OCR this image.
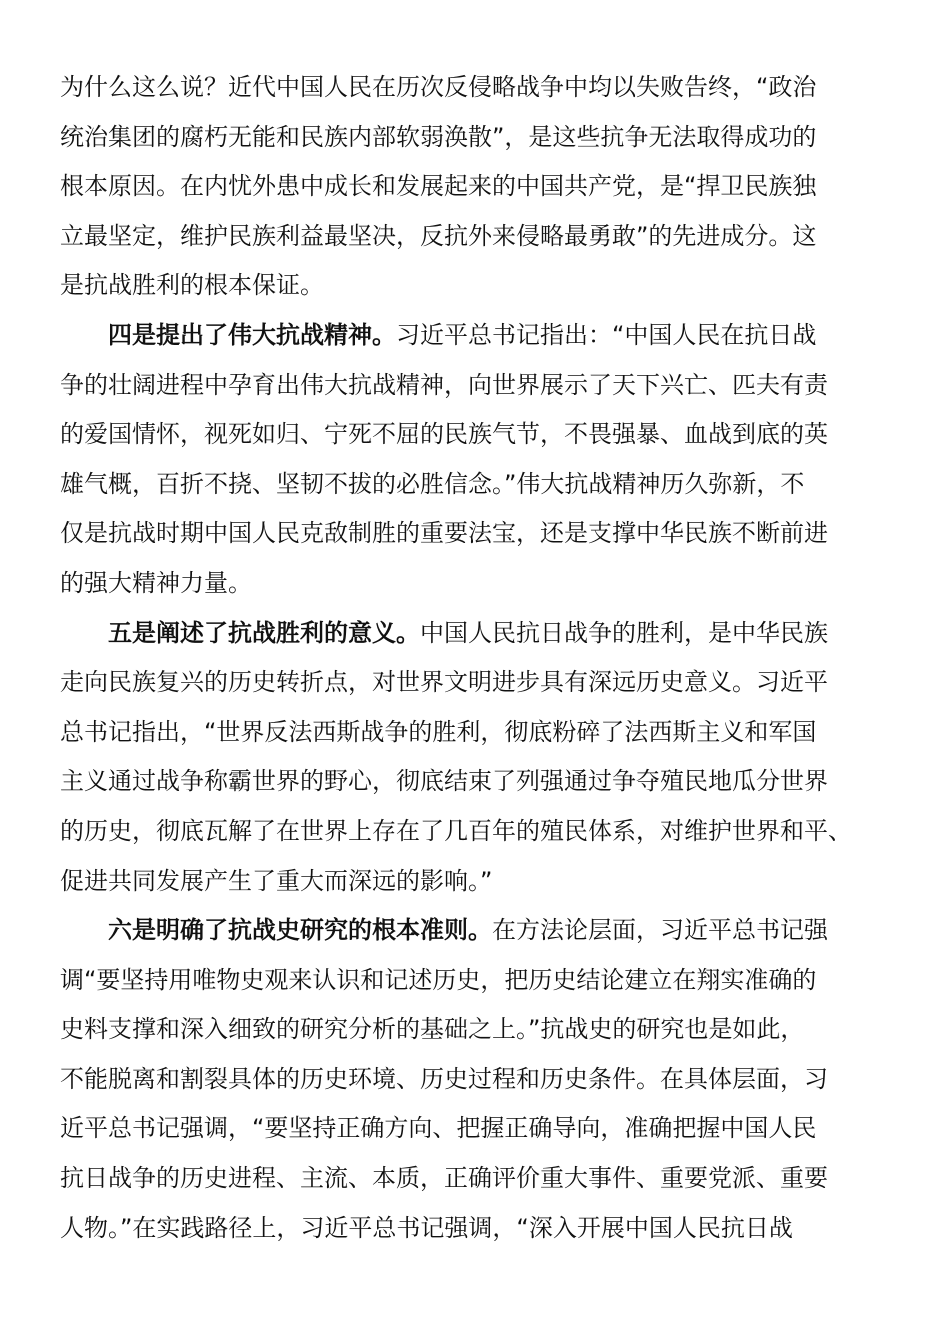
为什么这么说？近代中国人民在历次反侵略战争中均以失败告终，“政治
统治集团的腐朽无能和民族内部软弱涣散”，是这些抗争无法取得成功的
根本原因。在内忧外患中成长和发展起来的中国共产党，是“捍卫民族独
立最坚定，维护民族利益最坚决，反抗外来侵略最勇敢”的先进成分。这
是抗战胜利的根本保证。
四是提出了伟大抗战精神。习近平总书记指出：“中国人民在抗日战
争的壮阔进程中孕育出伟大抗战精神，向世界展示了天下兴亡、匹夫有责
的爱国情怀，视死如归、宁死不屈的民族气节，不畏强暴、血战到底的英
雄气概，百折不挠、坚韧不拔的必胜信念。”伟大抗战精神历久弥新，不
仅是抗战时期中国人民克敌制胜的重要法宝，还是支撑中华民族不断前进
的强大精神力量。
五是阐述了抗战胜利的意义。中国人民抗日战争的胜利，是中华民族
走向民族复兴的历史转折点，对世界文明进步具有深远历史意义。习近平
总书记指出，“世界反法西斯战争的胜利，彻底粉碎了法西斯主义和军国
主义通过战争称霸世界的野心，彻底结束了列强通过争夺殖民地瓜分世界
的历史，彻底瓦解了在世界上存在了几百年的殖民体系，对维护世界和平、
促进共同发展产生了重大而深远的影响。”
六是明确了抗战史研究的根本准则。在方法论层面，习近平总书记强
调“要坚持用唯物史观来认识和记述历史，把历史结论建立在翔实准确的
史料支撑和深入细致的研究分析的基础之上。”抗战史的研究也是如此，
不能脱离和割裂具体的历史环境、历史过程和历史条件。在具体层面，习
近平总书记强调，“要坚持正确方向、把握正确导向，准确把握中国人民
抗日战争的历史进程、主流、本质，正确评价重大事件、重要党派、重要
人物。”在实践路径上，习近平总书记强调，“深入开展中国人民抗日战
